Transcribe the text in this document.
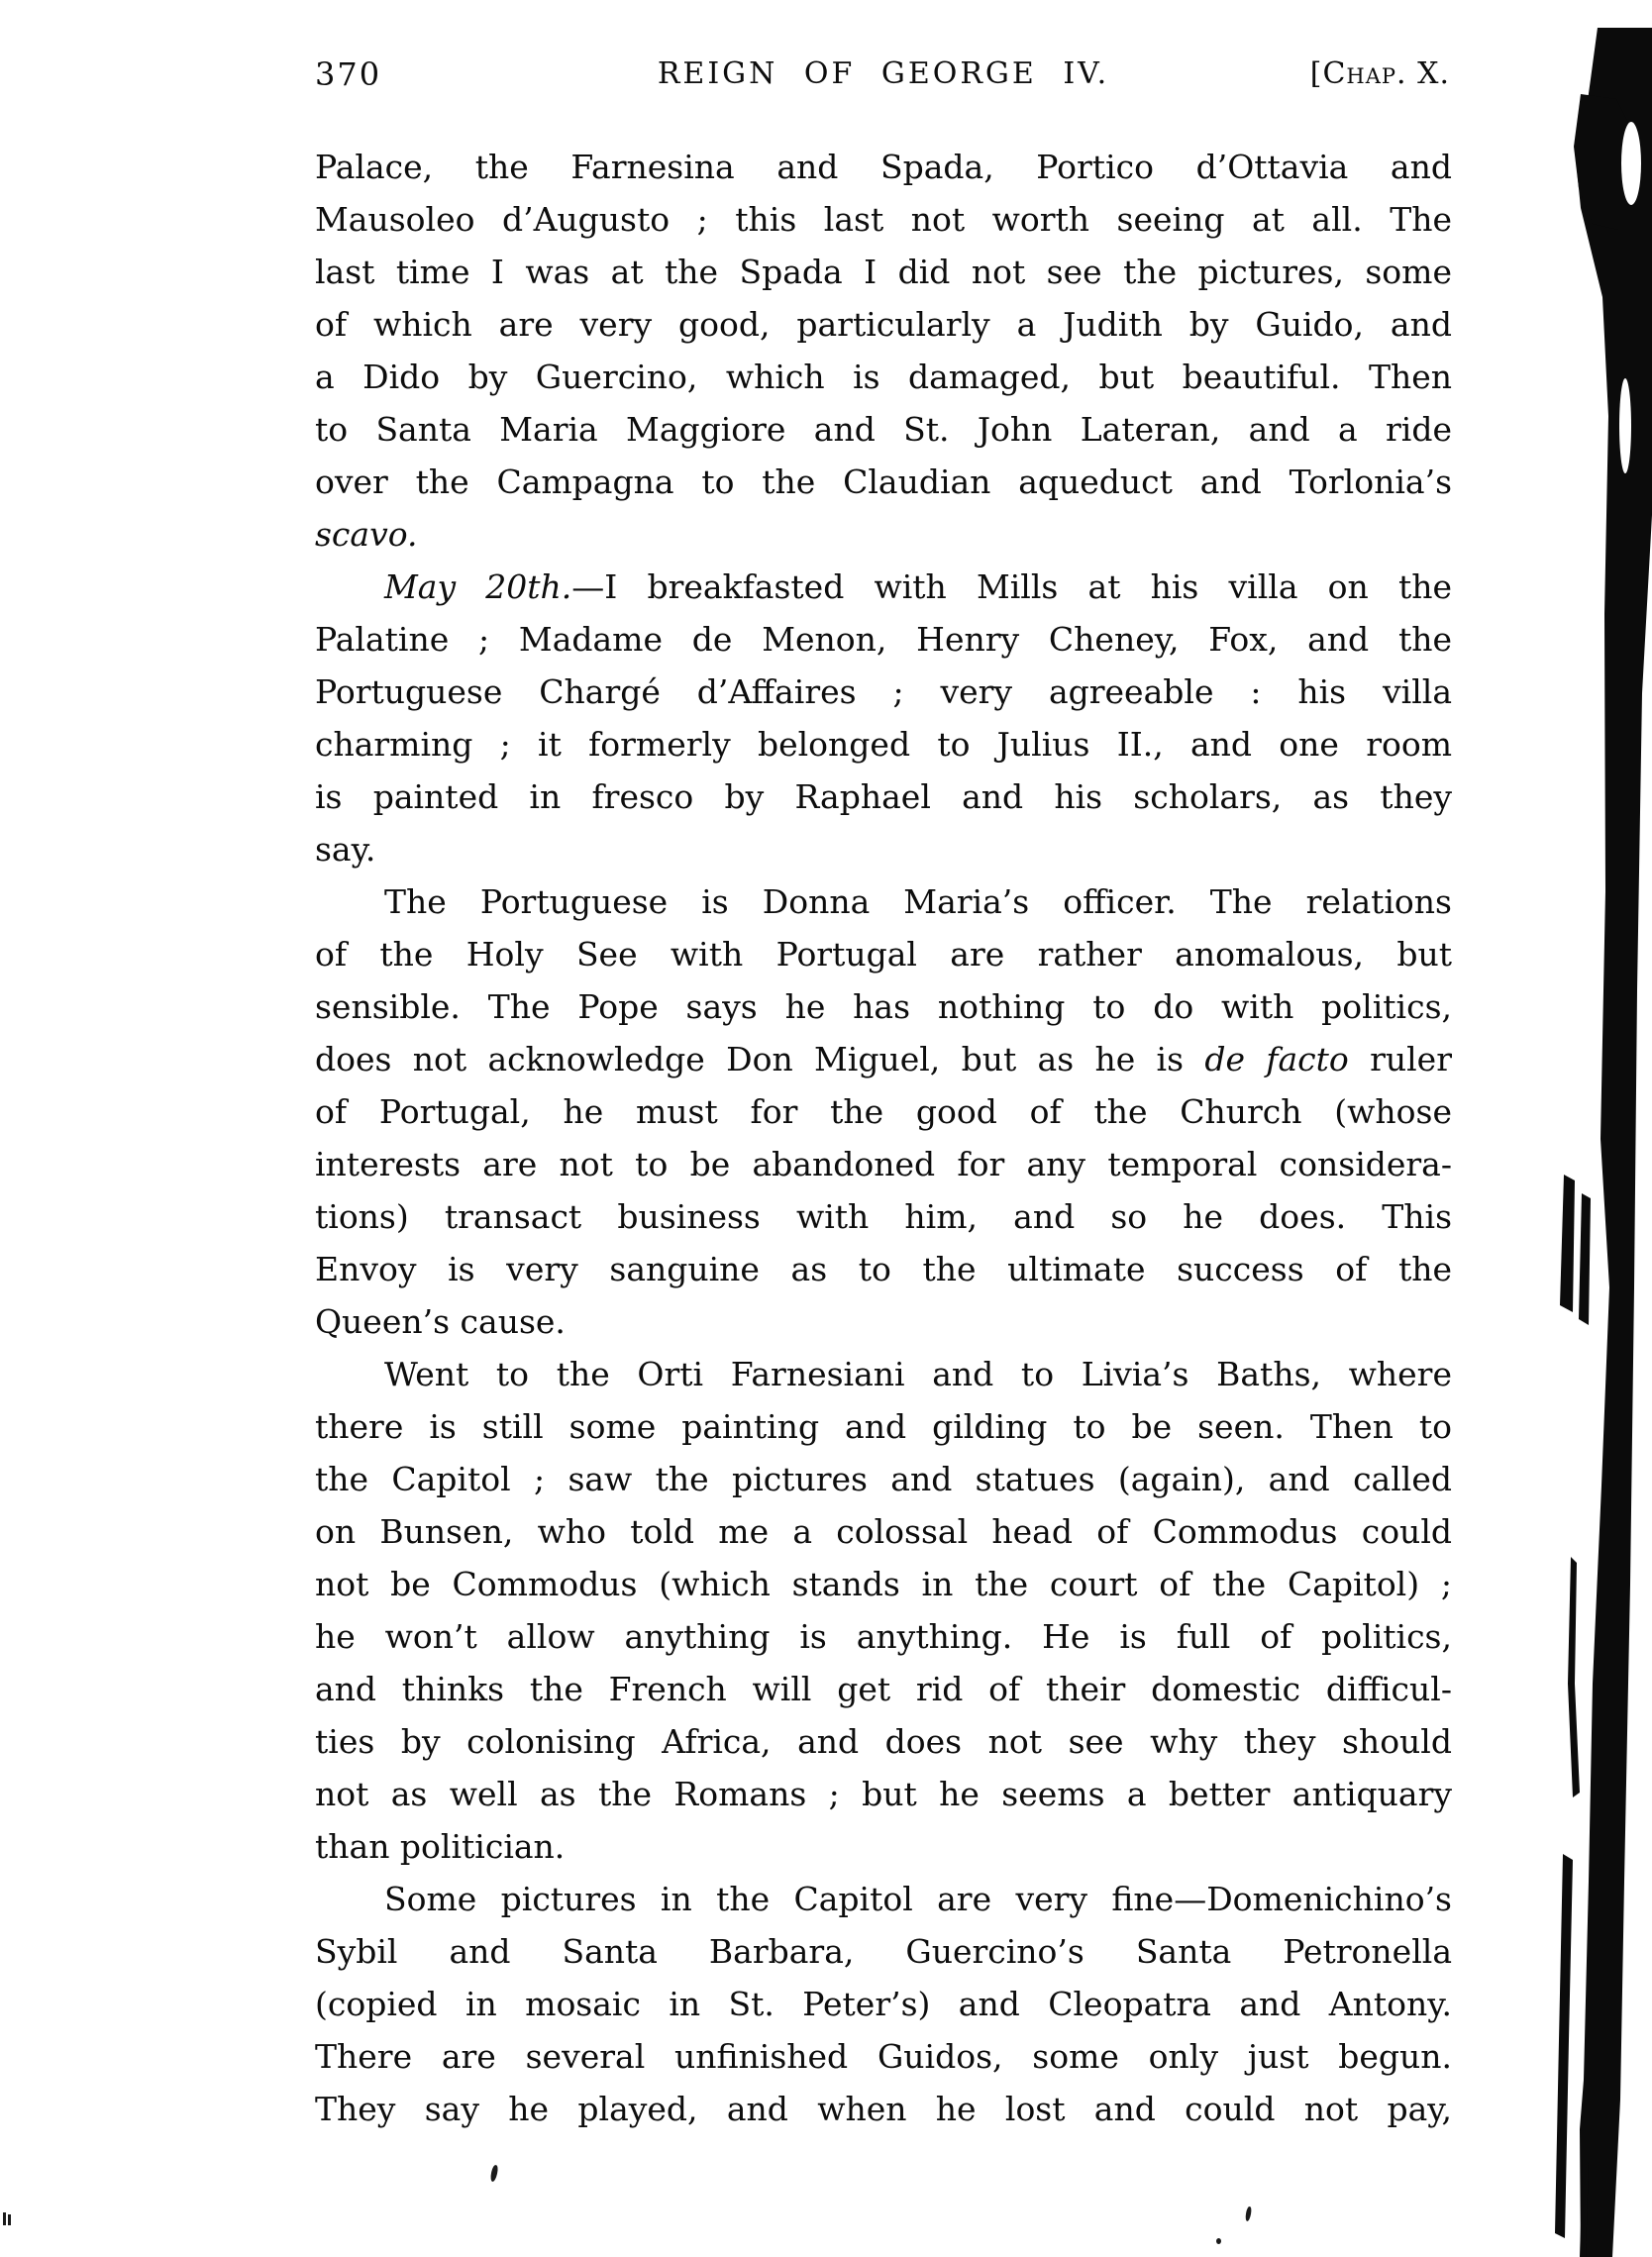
370	REIGN OF GEORGE IV.	[Chap. X.
Palace, the Farnesina and Spada, Portico d’Ottavia and
Mausoleo d’Augusto ; this last not worth seeing at all. The
last time I was at the Spada I did not see the pictures, some
of which are very good, particularly a Judith by Guido, and
a Dido by Guercino, which is damaged, but beautiful. Then
to Santa Maria Maggiore and St. John Lateran, and a ride
over the Campagna to the Claudian aqueduct and Torlonia’s
scavo.
May 20th.—I breakfasted with Mills at his villa on the
Palatine ; Madame de Menon, Henry Cheney, Fox, and the
Portuguese Chargé d’Affaires ; very agreeable : his villa
charming ; it formerly belonged to Julius II., and one room
is painted in fresco by Raphael and his scholars, as they
say.
The Portuguese is Donna Maria’s officer. The relations
of the Holy See with Portugal are rather anomalous, but
sensible. The Pope says he has nothing to do with politics,
does not acknowledge Don Miguel, but as he is de facto ruler
of Portugal, he must for the good of the Church (whose
interests are not to be abandoned for any temporal considera-
tions) transact business with him, and so he does. This
Envoy is very sanguine as to the ultimate success of the
Queen’s cause.
Went to the Orti Farnesiani and to Livia’s Baths, where
there is still some painting and gilding to be seen. Then to
the Capitol ; saw the pictures and statues (again), and called
on Bunsen, who told me a colossal head of Commodus could
not be Commodus (which stands in the court of the Capitol) ;
he won’t allow anything is anything. He is full of politics,
and thinks the French will get rid of their domestic difficul-
ties by colonising Africa, and does not see why they should
not as well as the Romans ; but he seems a better antiquary
than politician.
Some pictures in the Capitol are very fine—Domenichino’s
Sybil and Santa Barbara, Guercino’s Santa Petronella
(copied in mosaic in St. Peter’s) and Cleopatra and Antony.
There are several unfinished Guidos, some only just begun.
They say he played, and when he lost and could not pay,
